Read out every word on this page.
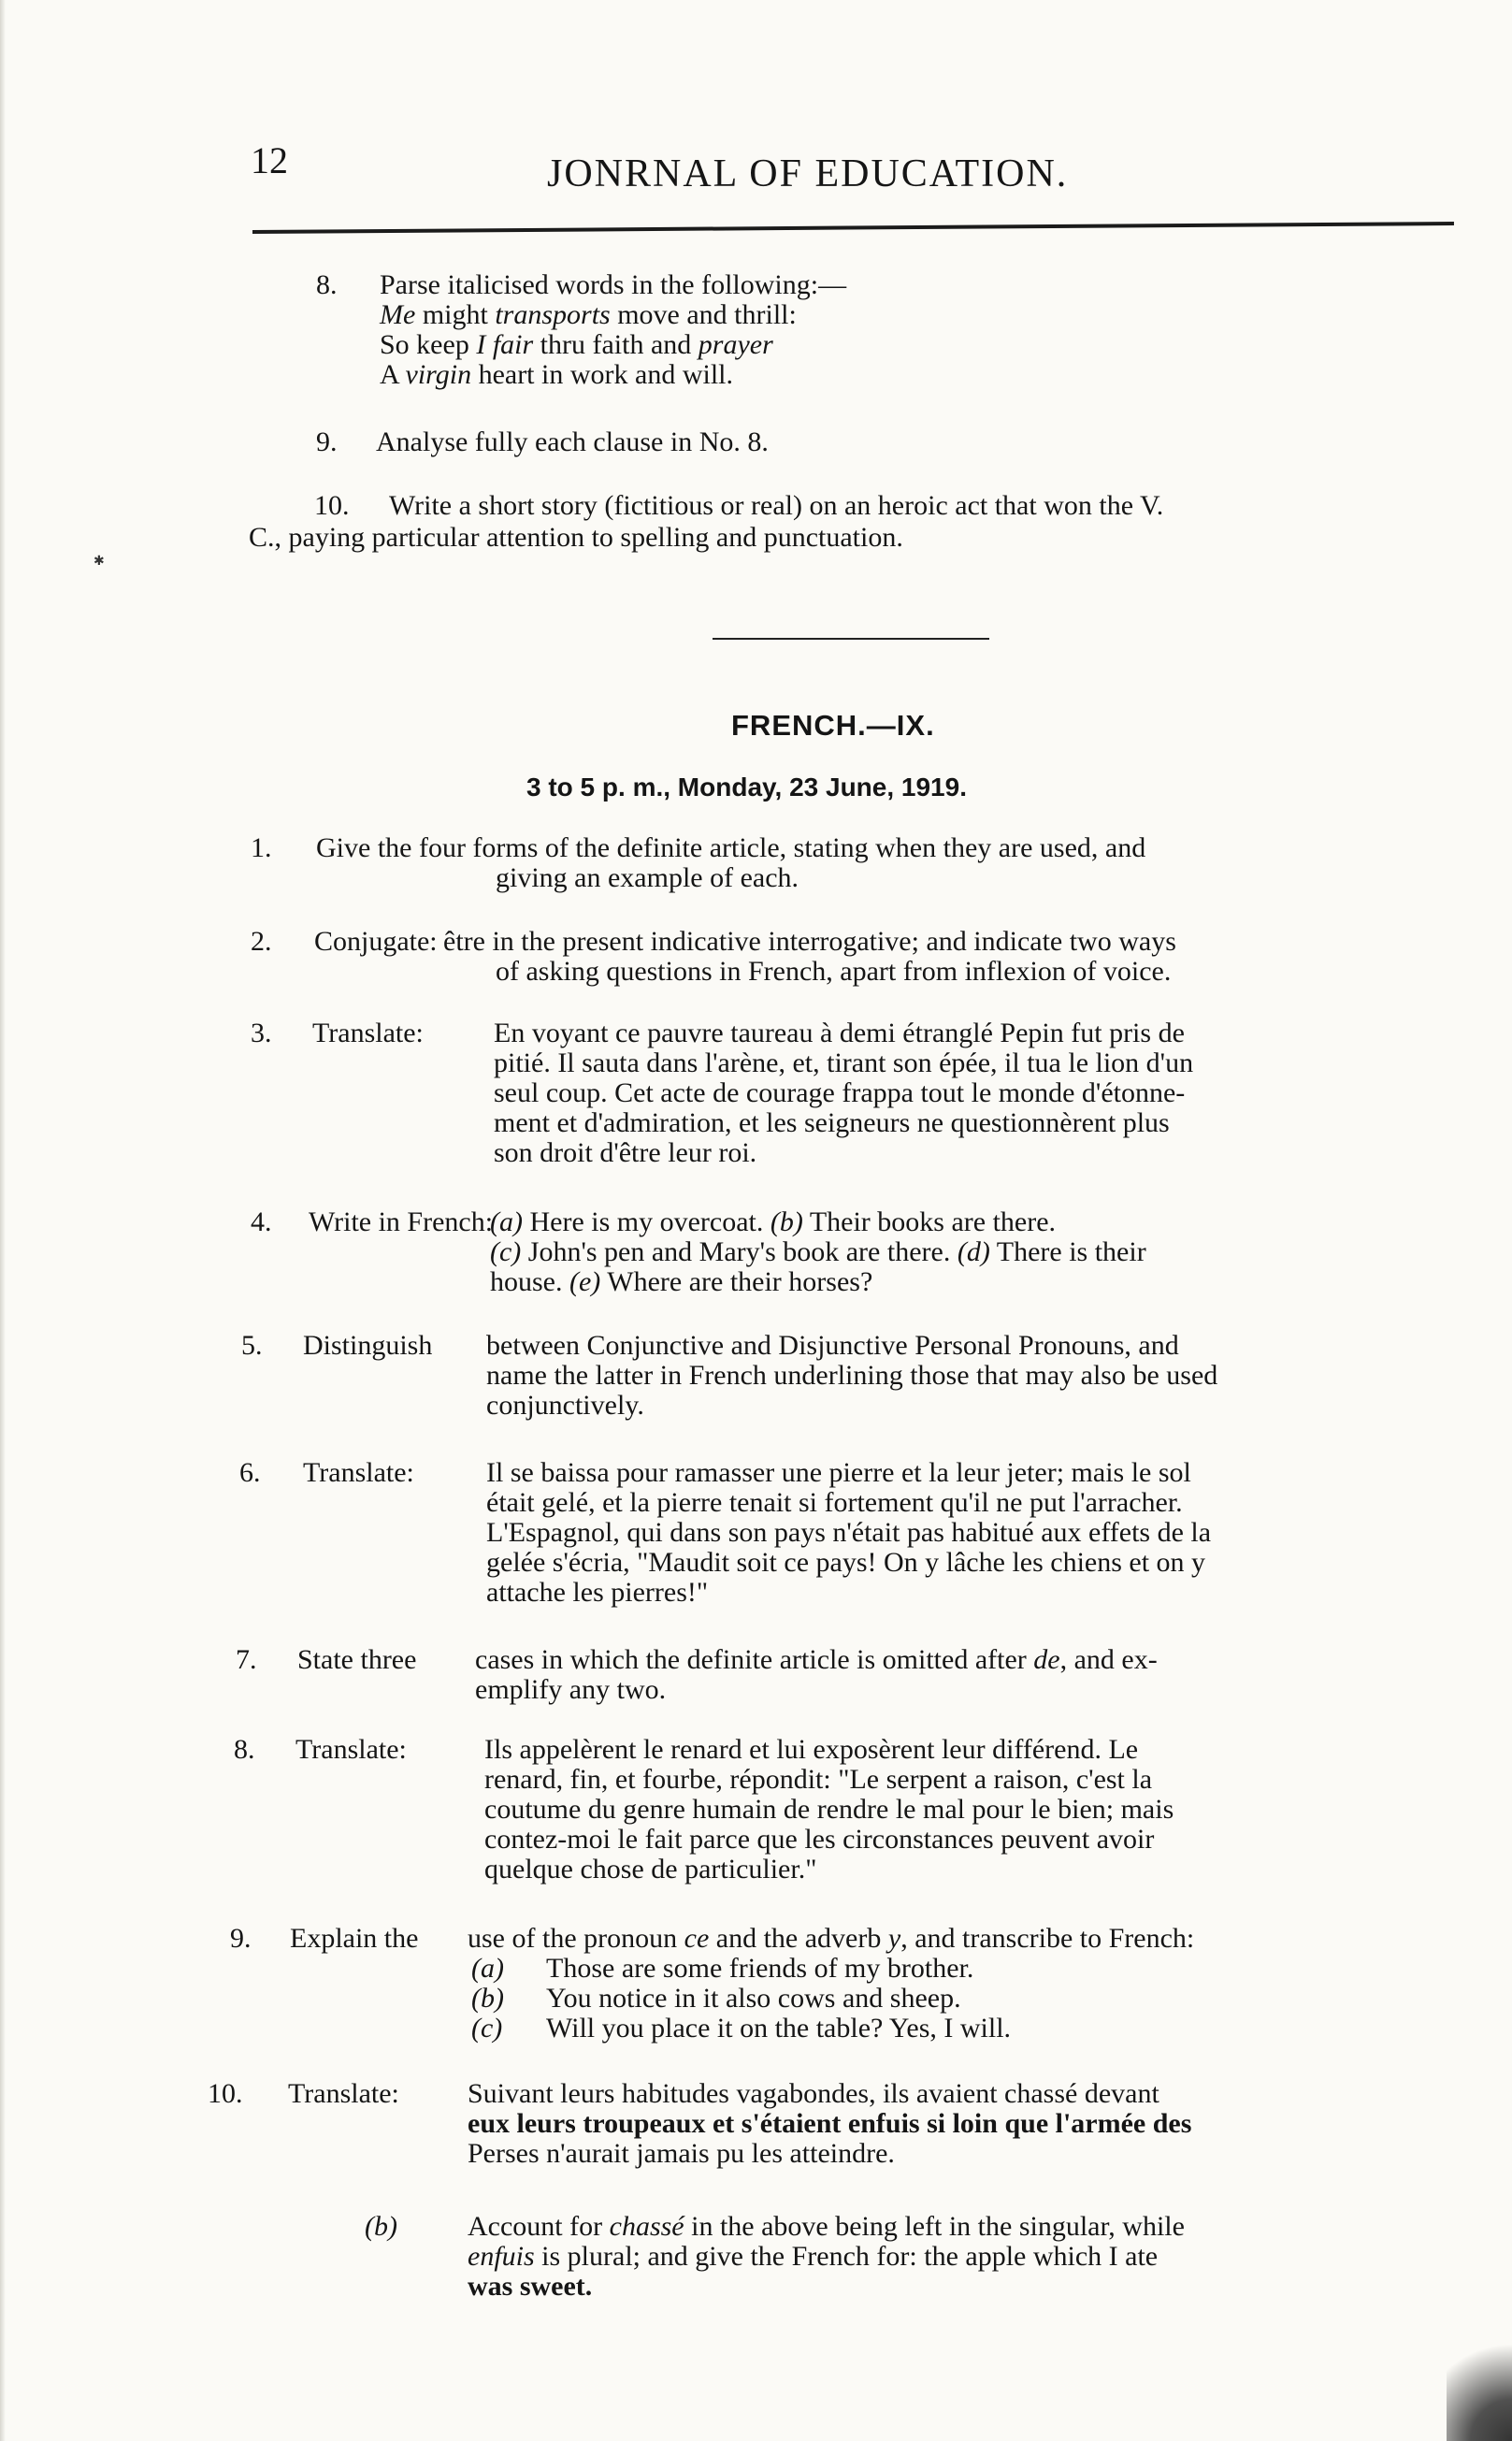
12	JONRNAL OF EDUCATION.
8. Parse italicised words in the following:—
Me might transports move and thrill:
So keep I fair thru faith and prayer
A virgin heart in work and will.
9. Analyse fully each clause in No. 8.
10. Write a short story (fictitious or real) on an heroic act that won the V.
C., paying particular attention to spelling and punctuation.
✱
FRENCH.—IX.
3 to 5 p. m., Monday, 23 June, 1919.
1. Give the four forms of the definite article, stating when they are used, and
giving an example of each.
2. Conjugate: être in the present indicative interrogative; and indicate two ways
of asking questions in French, apart from inflexion of voice.
3. Translate:	En voyant ce pauvre taureau à demi étranglé Pepin fut pris de
pitié. Il sauta dans l'arène, et, tirant son épée, il tua le lion d'un
seul coup. Cet acte de courage frappa tout le monde d'étonne-
ment et d'admiration, et les seigneurs ne questionnèrent plus
son droit d'être leur roi.
4. Write in French:
(a) Here is my overcoat. (b) Their books are there.
(c) John's pen and Mary's book are there. (d) There is their
house. (e) Where are their horses?
5. Distinguish between Conjunctive and Disjunctive Personal Pronouns, and
name the latter in French underlining those that may also be used
conjunctively.
6. Translate:	Il se baissa pour ramasser une pierre et la leur jeter; mais le sol
était gelé, et la pierre tenait si fortement qu'il ne put l'arracher.
L'Espagnol, qui dans son pays n'était pas habitué aux effets de la
gelée s'écria, "Maudit soit ce pays! On y lâche les chiens et on y
attache les pierres!"
7. State three cases in which the definite article is omitted after de, and ex-
emplify any two.
8. Translate:	Ils appelèrent le renard et lui exposèrent leur différend. Le
renard, fin, et fourbe, répondit: "Le serpent a raison, c'est la
coutume du genre humain de rendre le mal pour le bien; mais
contez-moi le fait parce que les circonstances peuvent avoir
quelque chose de particulier."
9. Explain the use of the pronoun ce and the adverb y, and transcribe to French:
(a) Those are some friends of my brother.
(b) You notice in it also cows and sheep.
(c) Will you place it on the table? Yes, I will.
10. Translate: Suivant leurs habitudes vagabondes, ils avaient chassé devant
eux leurs troupeaux et s'étaient enfuis si loin que l'armée des
Perses n'aurait jamais pu les atteindre.
(b)	Account for chassé in the above being left in the singular, while
enfuis is plural; and give the French for: the apple which I ate
was sweet.
